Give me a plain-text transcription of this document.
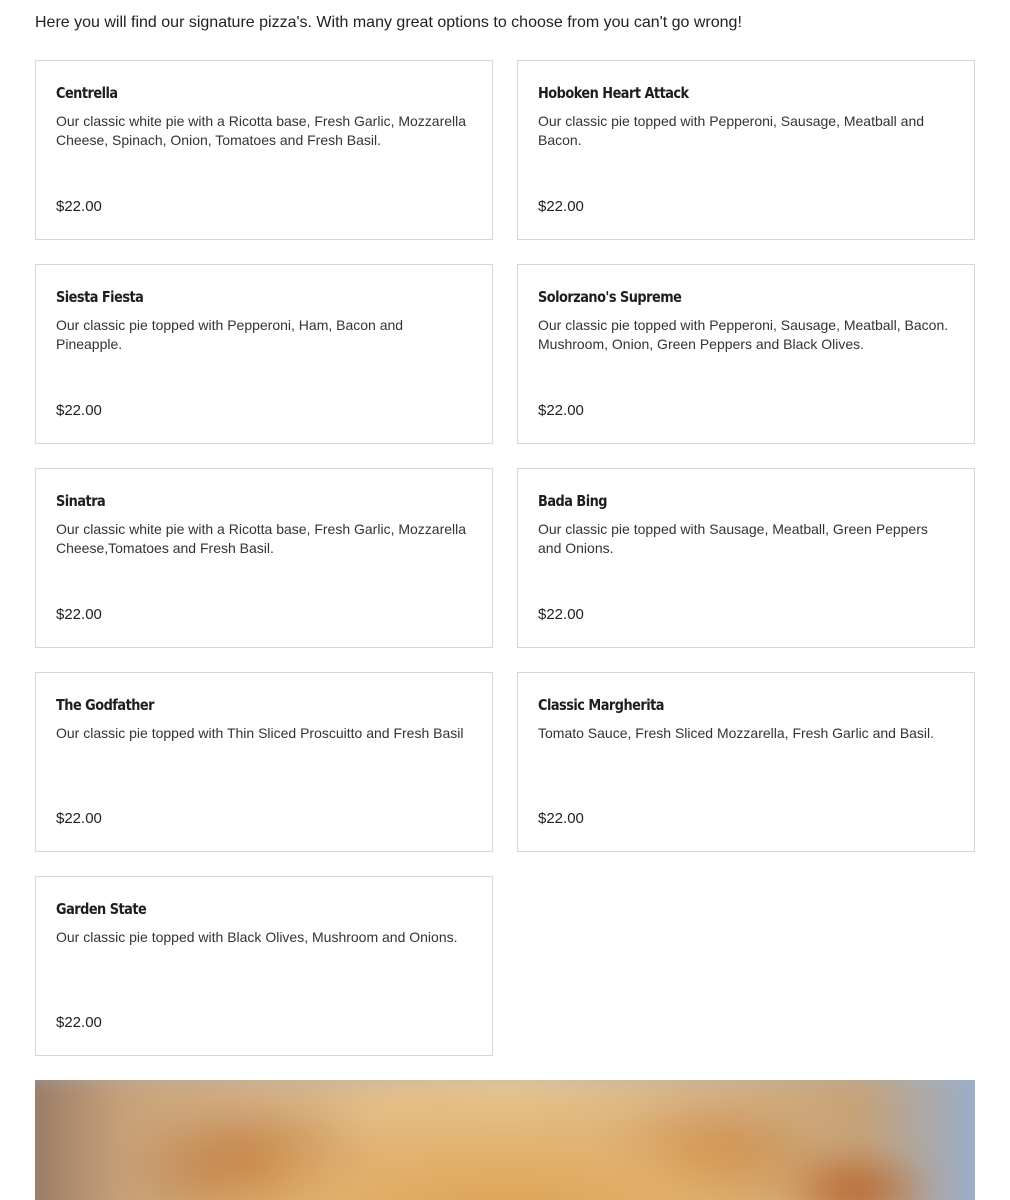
Here you will find our signature pizza's. With many great options to choose from you can't go wrong!
Centrella
Our classic white pie with a Ricotta base, Fresh Garlic, Mozzarella Cheese, Spinach, Onion, Tomatoes and Fresh Basil.
$22.00
Hoboken Heart Attack
Our classic pie topped with Pepperoni, Sausage, Meatball and Bacon.
$22.00
Siesta Fiesta
Our classic pie topped with Pepperoni, Ham, Bacon and Pineapple.
$22.00
Solorzano's Supreme
Our classic pie topped with Pepperoni, Sausage, Meatball, Bacon. Mushroom, Onion, Green Peppers and Black Olives.
$22.00
Sinatra
Our classic white pie with a Ricotta base, Fresh Garlic, Mozzarella Cheese,Tomatoes and Fresh Basil.
$22.00
Bada Bing
Our classic pie topped with Sausage, Meatball, Green Peppers and Onions.
$22.00
The Godfather
Our classic pie topped with Thin Sliced Proscuitto and Fresh Basil
$22.00
Classic Margherita
Tomato Sauce, Fresh Sliced Mozzarella, Fresh Garlic and Basil.
$22.00
Garden State
Our classic pie topped with Black Olives, Mushroom and Onions.
$22.00
